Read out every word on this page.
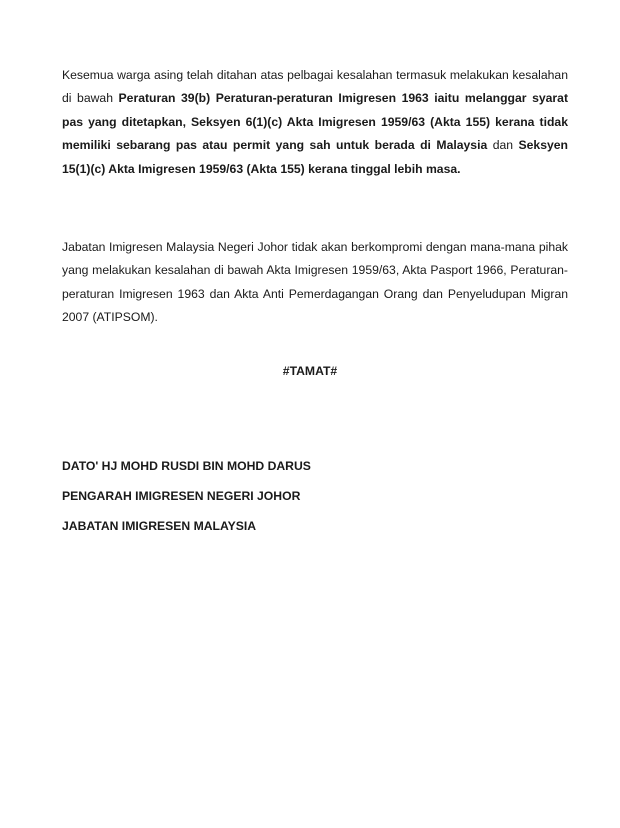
Kesemua warga asing telah ditahan atas pelbagai kesalahan termasuk melakukan kesalahan di bawah Peraturan 39(b) Peraturan-peraturan Imigresen 1963 iaitu melanggar syarat pas yang ditetapkan, Seksyen 6(1)(c) Akta Imigresen 1959/63 (Akta 155) kerana tidak memiliki sebarang pas atau permit yang sah untuk berada di Malaysia dan Seksyen 15(1)(c) Akta Imigresen 1959/63 (Akta 155) kerana tinggal lebih masa.

Jabatan Imigresen Malaysia Negeri Johor tidak akan berkompromi dengan mana-mana pihak yang melakukan kesalahan di bawah Akta Imigresen 1959/63, Akta Pasport 1966, Peraturan-peraturan Imigresen 1963 dan Akta Anti Pemerdagangan Orang dan Penyeludupan Migran 2007 (ATIPSOM).

#TAMAT#

DATO' HJ MOHD RUSDI BIN MOHD DARUS

PENGARAH IMIGRESEN NEGERI JOHOR

JABATAN IMIGRESEN MALAYSIA
